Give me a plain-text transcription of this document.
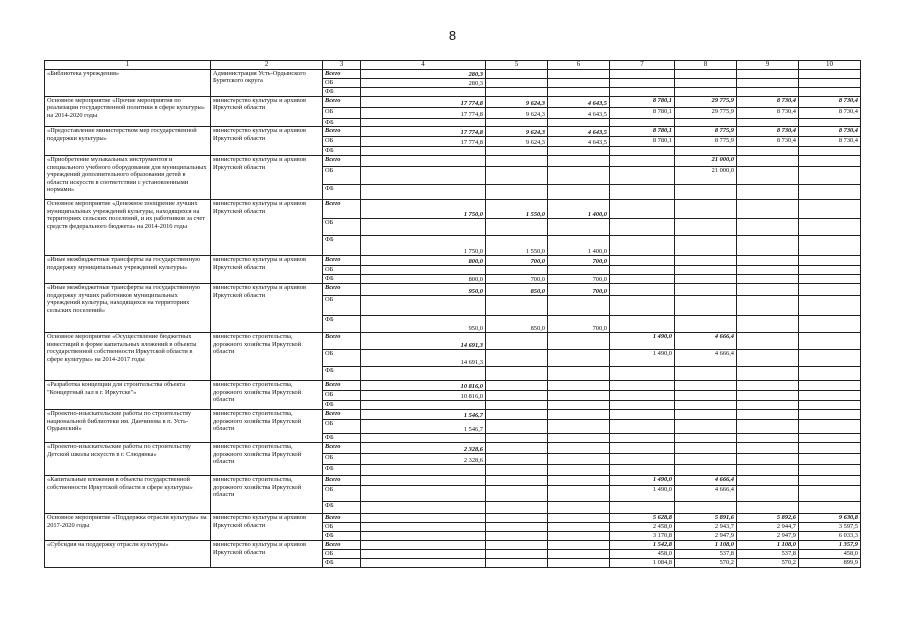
8
1	2	3	4	5	6	7	8	9	10
«Библиотека учреждения»	Администрация Усть-Ордынского Бурятского округа	Всего	280,3						
		ОБ	280,3						
		ФБ							
Основное мероприятие «Прочие мероприятия по реализации государственной политики в сфере культуры» на 2014-2020 годы	министерство культуры и архивов Иркутской области	Всего	17 774,8	9 624,3	4 643,5	8 780,1	29 775,9	8 730,4	8 730,4
		ОБ	17 774,8	9 624,3	4 643,5	8 780,1	29 775,9	8 730,4	8 730,4
		ФБ							
«Предоставление министерством мер государственной поддержки культуры»	министерство культуры и архивов Иркутской области	Всего	17 774,8	9 624,3	4 643,5	8 780,1	8 775,9	8 730,4	8 730,4
		ОБ	17 774,8	9 624,3	4 643,5	8 780,1	8 775,9	8 730,4	8 730,4
		ФБ							
«Приобретение музыкальных инструментов и специального учебного оборудования для муниципальных учреждений дополнительного образования детей в области искусств в соответствии с установленными нормами»	министерство культуры и архивов Иркутской области	Всего					21 000,0		
		ОБ					21 000,0		
		ФБ							
Основное мероприятие «Денежное поощрение лучших муниципальных учреждений культуры, находящихся на территориях сельских поселений, и их работников за счет средств федерального бюджета» на 2014-2016 годы	министерство культуры и архивов Иркутской области	Всего	1 750,0	1 550,0	1 400,0				
		ОБ							
		ФБ	1 750,0	1 550,0	1 400,0				
«Иные межбюджетные трансферты на государственную поддержку муниципальных учреждений культуры»	министерство культуры и архивов Иркутской области	Всего	800,0	700,0	700,0				
		ОБ							
		ФБ	800,0	700,0	700,0				
«Иные межбюджетные трансферты на государственную поддержку лучших работников муниципальных учреждений культуры, находящихся на территориях сельских поселений»	министерство культуры и архивов Иркутской области	Всего	950,0	850,0	700,0				
		ОБ							
		ФБ	950,0	850,0	700,0				
Основное мероприятие «Осуществление бюджетных инвестиций в форме капитальных вложений в объекты государственной собственности Иркутской области в сфере культуры» на 2014-2017 годы	министерство строительства, дорожного хозяйства Иркутской области	Всего	14 691,3			1 490,0	4 666,4		
		ОБ	14 691,3			1 490,0	4 666,4		
		ФБ							
«Разработка концепции для строительства объекта "Концертный зал в г. Иркутске"»	министерство строительства, дорожного хозяйства Иркутской области	Всего	10 816,0						
		ОБ	10 816,0						
		ФБ							
«Проектно-изыскательские работы по строительству национальной библиотеки им. Данчинова в п. Усть-Ордынский»	министерство строительства, дорожного хозяйства Иркутской области	Всего	1 546,7						
		ОБ	1 546,7						
		ФБ							
«Проектно-изыскательские работы по строительству Детской школы искусств в г. Слюдянка»	министерство строительства, дорожного хозяйства Иркутской области	Всего	2 328,6						
		ОБ	2 328,6						
		ФБ							
«Капитальные вложения в объекты государственной собственности Иркутской области в сфере культуры»	министерство строительства, дорожного хозяйства Иркутской области	Всего				1 490,0	4 666,4		
		ОБ				1 490,0	4 666,4		
		ФБ							
Основное мероприятие «Поддержка отрасли культуры» на 2017-2020 годы	министерство культуры и архивов Иркутской области	Всего				5 628,8	5 891,6	5 892,6	9 630,8
		ОБ				2 458,0	2 943,7	2 944,7	3 597,5
		ФБ				3 170,8	2 947,9	2 947,9	6 033,3
«Субсидия на поддержку отрасли культуры»	министерство культуры и архивов Иркутской области	Всего				1 542,8	1 108,0	1 108,0	1 357,9
		ОБ				458,0	537,8	537,8	458,0
		ФБ				1 084,8	570,2	570,2	899,9
